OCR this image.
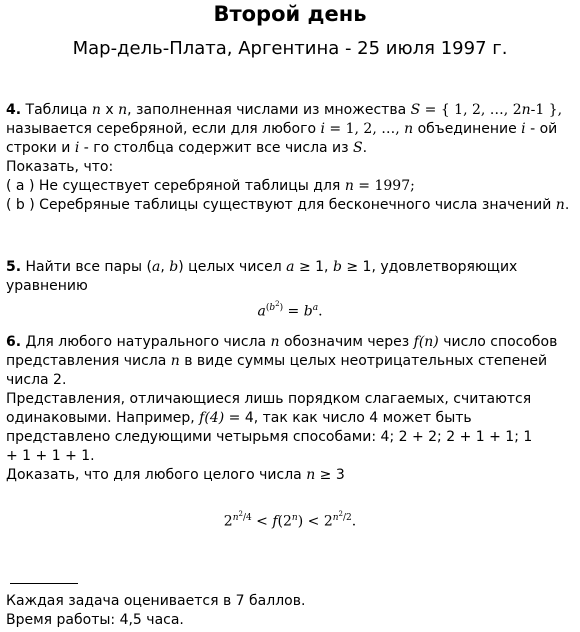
Второй день
Мар-дель-Плата, Аргентина - 25 июля 1997 г.
4. Таблица n x n, заполненная числами из множества S = { 1, 2, …, 2n-1 },
называется серебряной, если для любого i = 1, 2, …, n объединение i - ой
строки и i - го столбца содержит все числа из S.
Показать, что:
( a ) Не существует серебряной таблицы для n = 1997;
( b ) Серебряные таблицы существуют для бесконечного числа значений n.
5. Найти все пары (a, b) целых чисел a ≥ 1, b ≥ 1, удовлетворяющих
уравнению
$a^{(b^2)} = b^a$.
6. Для любого натурального числа n обозначим через f(n) число способов
представления числа n в виде суммы целых неотрицательных степеней
числа 2.
Представления, отличающиеся лишь порядком слагаемых, считаются
одинаковыми. Например, f(4) = 4, так как число 4 может быть
представлено следующими четырьмя способами: 4; 2 + 2; 2 + 1 + 1; 1
+ 1 + 1 + 1.
Доказать, что для любого целого числа n ≥ 3
$2^{n^2/4} < f(2^n) < 2^{n^2/2}$.
Каждая задача оценивается в 7 баллов.
Время работы: 4,5 часа.
